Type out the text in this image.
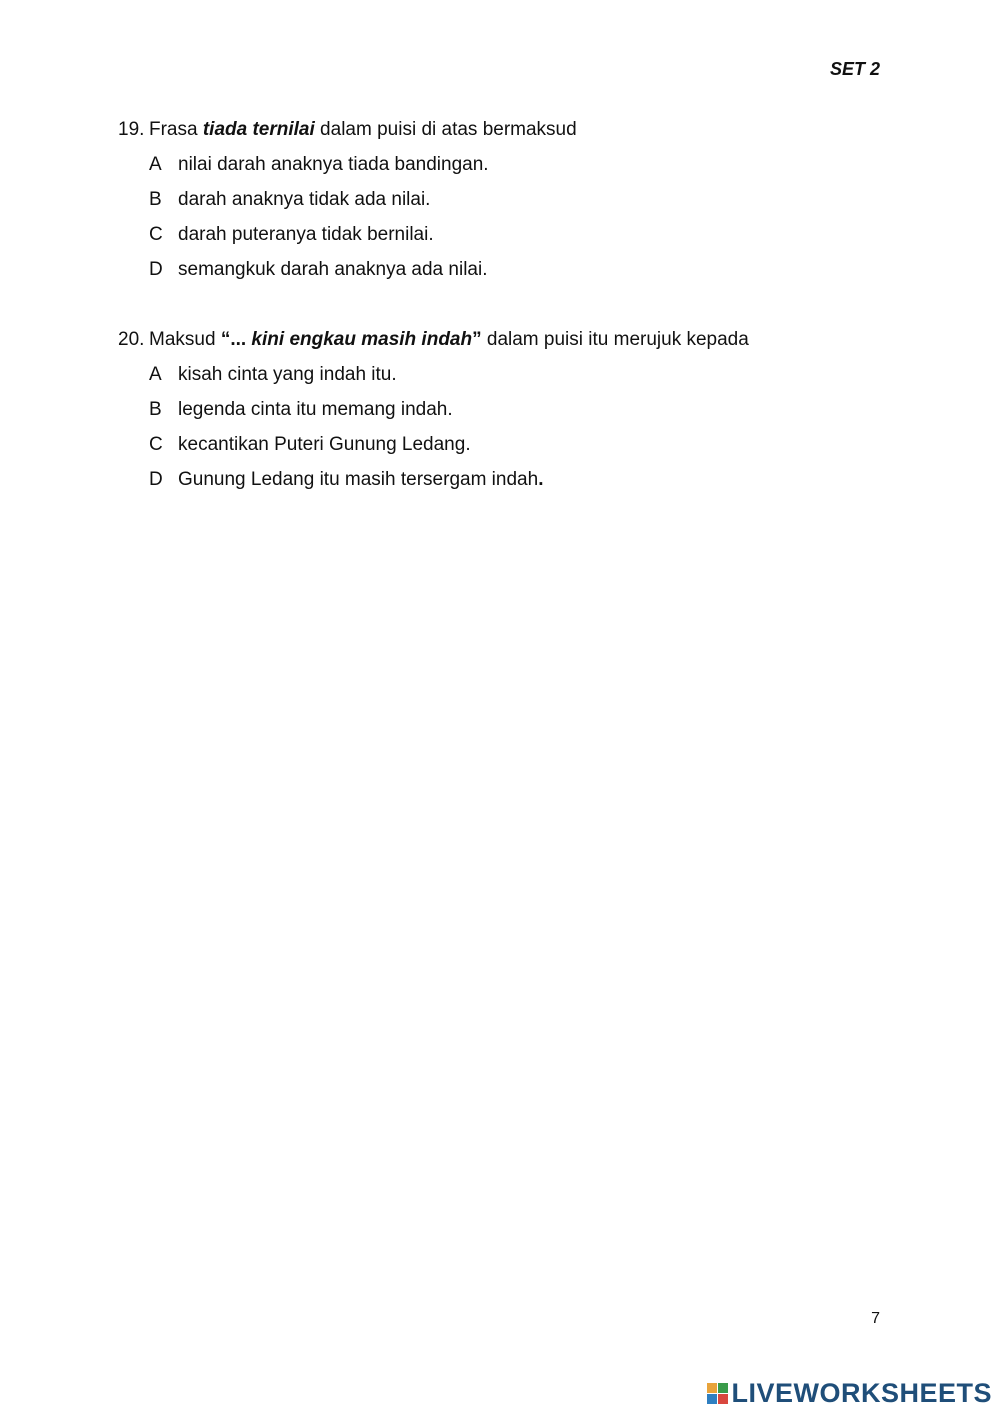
SET 2
19. Frasa tiada ternilai dalam puisi di atas bermaksud
A nilai darah anaknya tiada bandingan.
B darah anaknya tidak ada nilai.
C darah puteranya tidak bernilai.
D semangkuk darah anaknya ada nilai.
20. Maksud “... kini engkau masih indah” dalam puisi itu merujuk kepada
A kisah cinta yang indah itu.
B legenda cinta itu memang indah.
C kecantikan Puteri Gunung Ledang.
D Gunung Ledang itu masih tersergam indah.
7
LIVEWORKSHEETS
